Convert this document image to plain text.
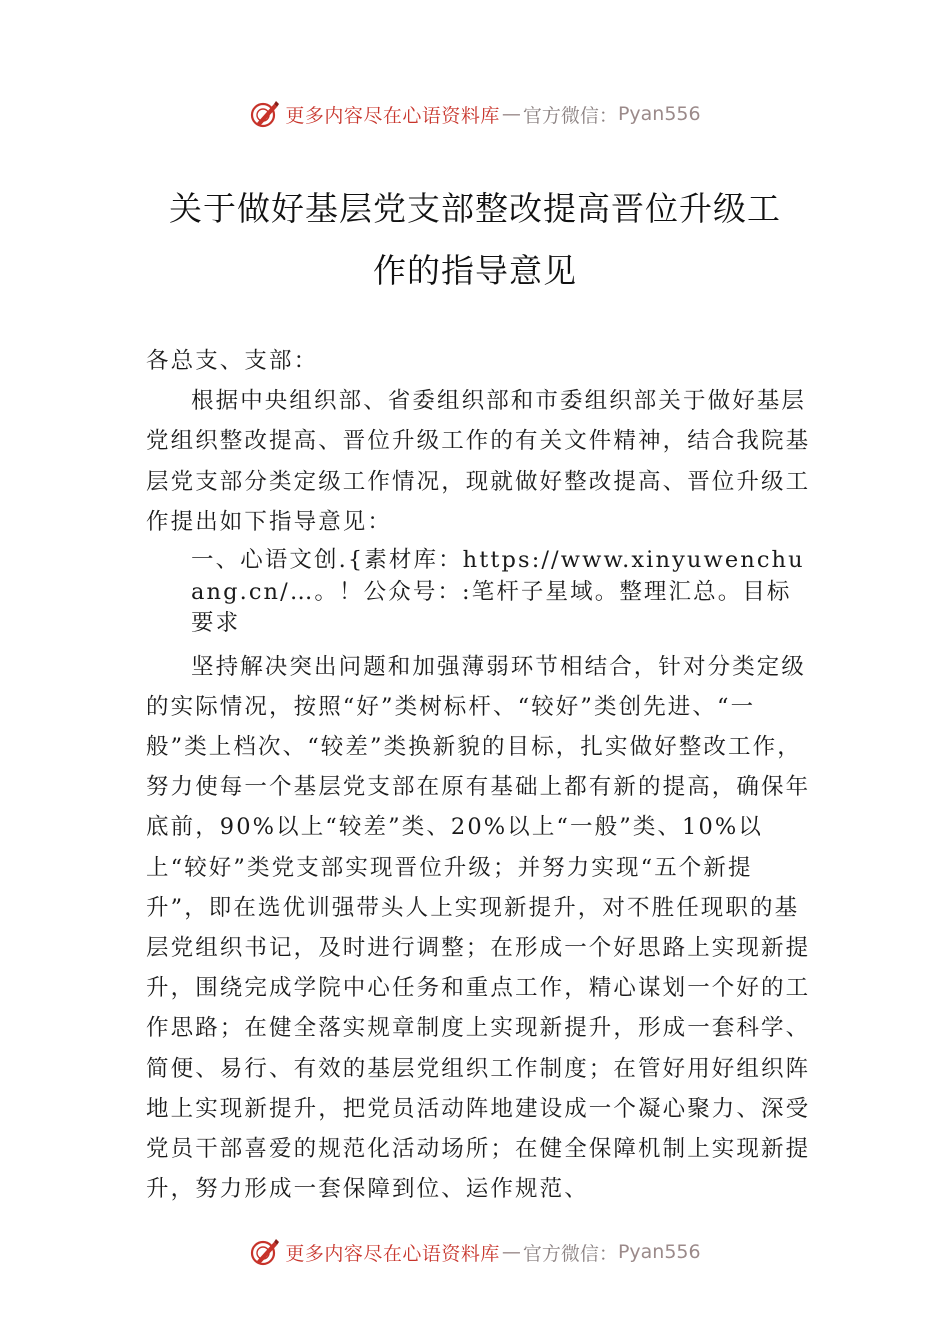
更多内容尽在心语资料库 — 官方微信： Pyan556
关于做好基层党支部整改提高晋位升级工
作的指导意见

各总支、支部：

根据中央组织部、省委组织部和市委组织部关于做好基层党组织整改提高、晋位升级工作的有关文件精神，结合我院基层党支部分类定级工作情况，现就做好整改提高、晋位升级工作提出如下指导意见：

一、心语文创.{素材库：https://www.xinyuwenchuang.cn/…。！公众号：:笔杆子星域。整理汇总。目标要求

坚持解决突出问题和加强薄弱环节相结合，针对分类定级的实际情况，按照“好”类树标杆、“较好”类创先进、“一般”类上档次、“较差”类换新貌的目标，扎实做好整改工作， 努力使每一个基层党支部在原有基础上都有新的提高，确保年底前，90%以上“较差”类、20%以上“一般”类、10%以上“较好”类党支部实现晋位升级；并努力实现“五个新提升”，即在选优训强带头人上实现新提升，对不胜任现职的基层党组织书记，及时进行调整；在形成一个好思路上实现新提升，围绕完成学院中心任务和重点工作，精心谋划一个好的工作思路；在健全落实规章制度上实现新提升，形成一套科学、简便、易行、有效的基层党组织工作制度；在管好用好组织阵地上实现新提升，把党员活动阵地建设成一个凝心聚力、深受党员干部喜爱的规范化活动场所；在健全保障机制上实现新提升，努力形成一套保障到位、运作规范、

更多内容尽在心语资料库 — 官方微信： Pyan556
